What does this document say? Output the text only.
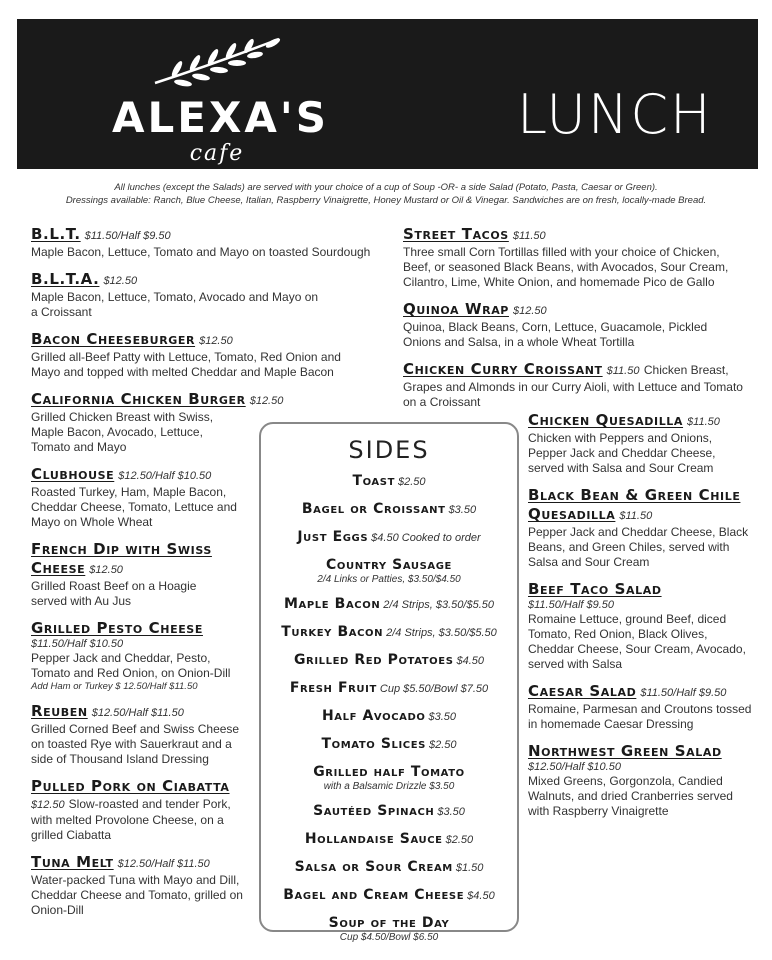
ALEXA'S
cafe
LUNCH

All lunches (except the Salads) are served with your choice of a cup of Soup -OR- a side Salad (Potato, Pasta, Caesar or Green).

Dressings available: Ranch, Blue Cheese, Italian, Raspberry Vinaigrette, Honey Mustard or Oil & Vinegar. Sandwiches are on fresh, locally-made Bread.

B.L.T. $11.50/Half $9.50
Maple Bacon, Lettuce, Tomato and Mayo on toasted Sourdough
B.L.T.A. $12.50
Maple Bacon, Lettuce, Tomato, Avocado and Mayo on a Croissant
Bacon Cheeseburger $12.50
Grilled all-Beef Patty with Lettuce, Tomato, Red Onion and Mayo and topped with melted Cheddar and Maple Bacon
California Chicken Burger $12.50
Grilled Chicken Breast with Swiss, Maple Bacon, Avocado, Lettuce, Tomato and Mayo
Clubhouse $12.50/Half $10.50
Roasted Turkey, Ham, Maple Bacon, Cheddar Cheese, Tomato, Lettuce and Mayo on Whole Wheat
French Dip with Swiss Cheese $12.50
Grilled Roast Beef on a Hoagie served with Au Jus
Grilled Pesto Cheese
$11.50/Half $10.50
Pepper Jack and Cheddar, Pesto, Tomato and Red Onion, on Onion-Dill
Add Ham or Turkey $ 12.50/Half $11.50
Reuben $12.50/Half $11.50
Grilled Corned Beef and Swiss Cheese on toasted Rye with Sauerkraut and a side of Thousand Island Dressing
Pulled Pork on Ciabatta
$12.50 Slow-roasted and tender Pork, with melted Provolone Cheese, on a grilled Ciabatta
Tuna Melt $12.50/Half $11.50
Water-packed Tuna with Mayo and Dill, Cheddar Cheese and Tomato, grilled on Onion-Dill
Street Tacos $11.50
Three small Corn Tortillas filled with your choice of Chicken, Beef, or seasoned Black Beans, with Avocados, Sour Cream, Cilantro, Lime, White Onion, and homemade Pico de Gallo
Quinoa Wrap $12.50
Quinoa, Black Beans, Corn, Lettuce, Guacamole, Pickled Onions and Salsa, in a whole Wheat Tortilla
Chicken Curry Croissant $11.50 Chicken Breast,
Grapes and Almonds in our Curry Aioli, with Lettuce and Tomato on a Croissant
Chicken Quesadilla $11.50
Chicken with Peppers and Onions, Pepper Jack and Cheddar Cheese, served with Salsa and Sour Cream
Black Bean & Green Chile Quesadilla $11.50
Pepper Jack and Cheddar Cheese, Black Beans, and Green Chiles, served with Salsa and Sour Cream
Beef Taco Salad
$11.50/Half $9.50
Romaine Lettuce, ground Beef, diced Tomato, Red Onion, Black Olives, Cheddar Cheese, Sour Cream, Avocado, served with Salsa
Caesar Salad $11.50/Half $9.50
Romaine, Parmesan and Croutons tossed in homemade Caesar Dressing
Northwest Green Salad
$12.50/Half $10.50
Mixed Greens, Gorgonzola, Candied Walnuts, and dried Cranberries served with Raspberry Vinaigrette
SIDES
Toast $2.50
Bagel or Croissant $3.50
Just Eggs $4.50 Cooked to order
Country Sausage
2/4 Links or Patties, $3.50/$4.50
Maple Bacon 2/4 Strips, $3.50/$5.50
Turkey Bacon 2/4 Strips, $3.50/$5.50
Grilled Red Potatoes $4.50
Fresh Fruit Cup $5.50/Bowl $7.50
Half Avocado $3.50
Tomato Slices $2.50
Grilled half Tomato
with a Balsamic Drizzle $3.50
Sautéed Spinach $3.50
Hollandaise Sauce $2.50
Salsa or Sour Cream $1.50
Bagel and Cream Cheese $4.50
Soup of the Day
Cup $4.50/Bowl $6.50
